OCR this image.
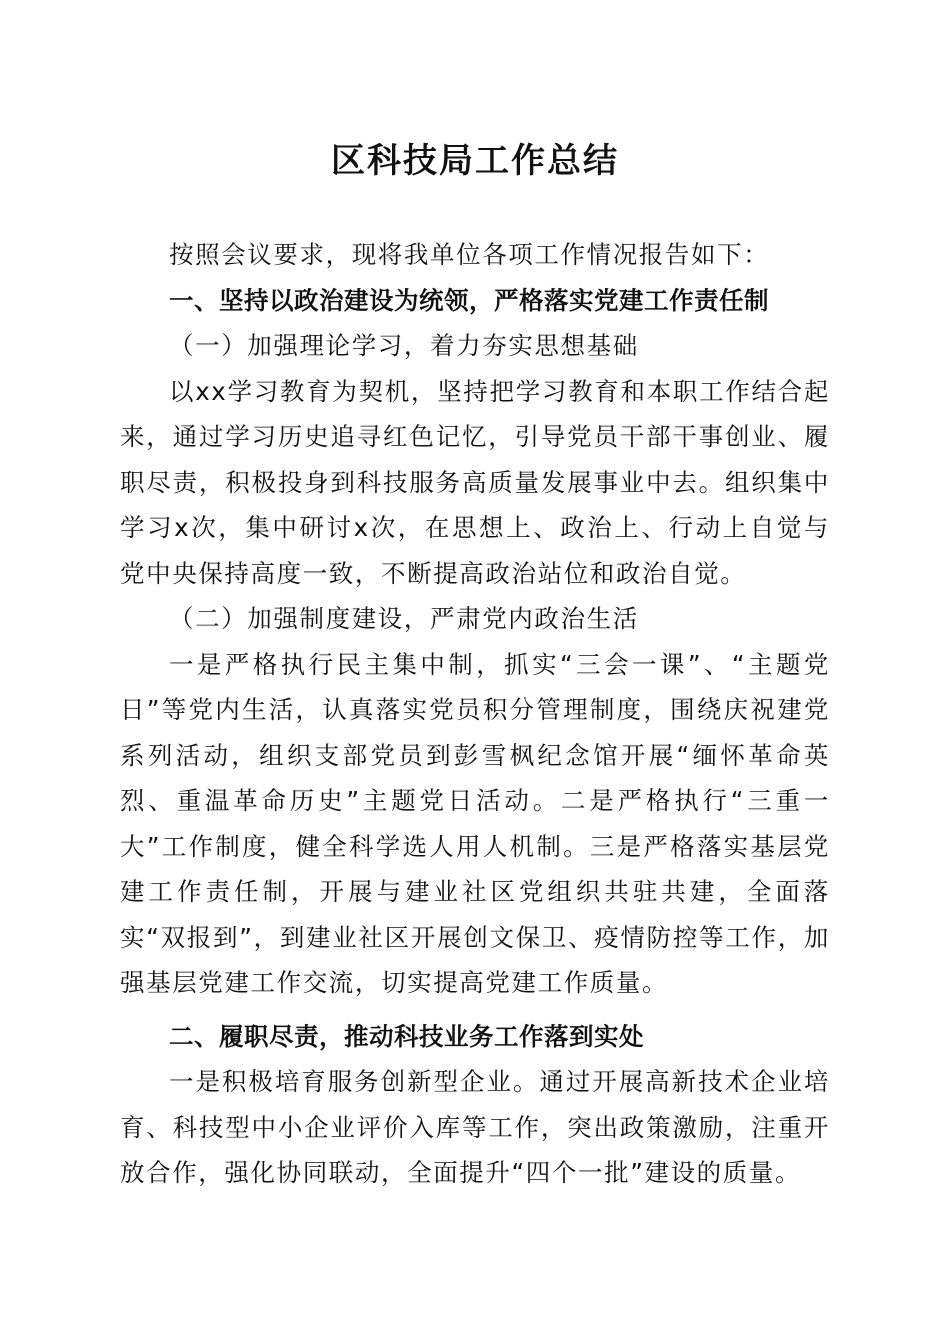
区科技局工作总结

按照会议要求，现将我单位各项工作情况报告如下：

一、坚持以政治建设为统领，严格落实党建工作责任制

（一）加强理论学习，着力夯实思想基础

以xx学习教育为契机，坚持把学习教育和本职工作结合起来，通过学习历史追寻红色记忆，引导党员干部干事创业、履职尽责，积极投身到科技服务高质量发展事业中去。组织集中学习x次，集中研讨x次，在思想上、政治上、行动上自觉与党中央保持高度一致，不断提高政治站位和政治自觉。

（二）加强制度建设，严肃党内政治生活

一是严格执行民主集中制，抓实“三会一课”、“主题党日”等党内生活，认真落实党员积分管理制度，围绕庆祝建党系列活动，组织支部党员到彭雪枫纪念馆开展“缅怀革命英烈、重温革命历史”主题党日活动。二是严格执行“三重一大”工作制度，健全科学选人用人机制。三是严格落实基层党建工作责任制，开展与建业社区党组织共驻共建，全面落实“双报到”，到建业社区开展创文保卫、疫情防控等工作，加强基层党建工作交流，切实提高党建工作质量。

二、履职尽责，推动科技业务工作落到实处

一是积极培育服务创新型企业。通过开展高新技术企业培育、科技型中小企业评价入库等工作，突出政策激励，注重开放合作，强化协同联动，全面提升“四个一批”建设的质量。
